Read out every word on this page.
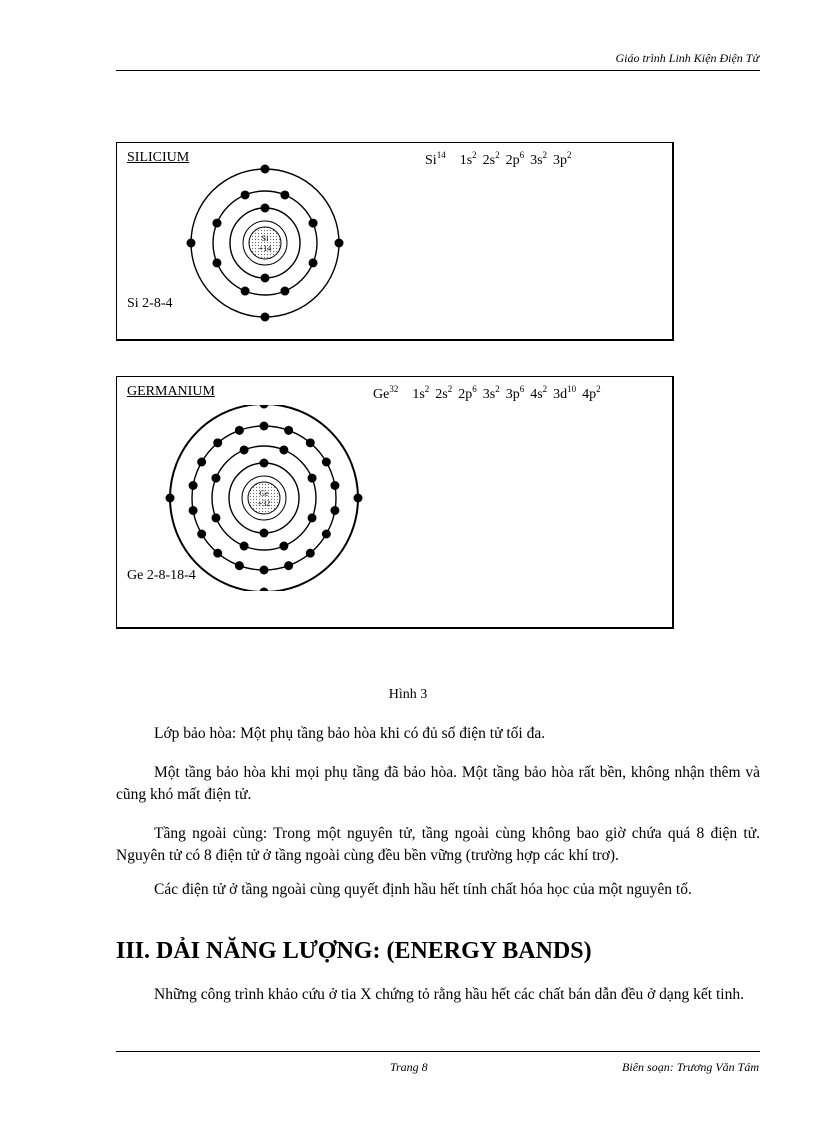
Giáo trình Linh Kiện Điện Tử
SILICIUM	Si$^{14}$ $1s^2$ $2s^2$ $2p^6$ $3s^2$ $3p^2$
Si
+14
Si 2-8-4
GERMANIUM	Ge$^{32}$ $1s^2$ $2s^2$ $2p^6$ $3s^2$ $3p^6$ $4s^2$ $3d^{10}$ $4p^2$
Ge
+32
Ge 2-8-18-4
Hình 3

Lớp bảo hòa: Một phụ tầng bảo hòa khi có đủ số điện tử tối đa.

Một tầng bảo hòa khi mọi phụ tầng đã bảo hòa. Một tầng bảo hòa rất bền, không nhận thêm và cũng khó mất điện tử.

Tầng ngoài cùng: Trong một nguyên tử, tầng ngoài cùng không bao giờ chứa quá 8 điện tử. Nguyên tử có 8 điện tử ở tầng ngoài cùng đều bền vững (trường hợp các khí trơ).

Các điện tử ở tầng ngoài cùng quyết định hầu hết tính chất hóa học của một nguyên tố.

III. DẢI NĂNG LƯỢNG: (ENERGY BANDS)

Những công trình khảo cứu ở tia X chứng tỏ rằng hầu hết các chất bán dẫn đều ở dạng kết tinh.

Trang 8	Biên soạn: Trương Văn Tám
